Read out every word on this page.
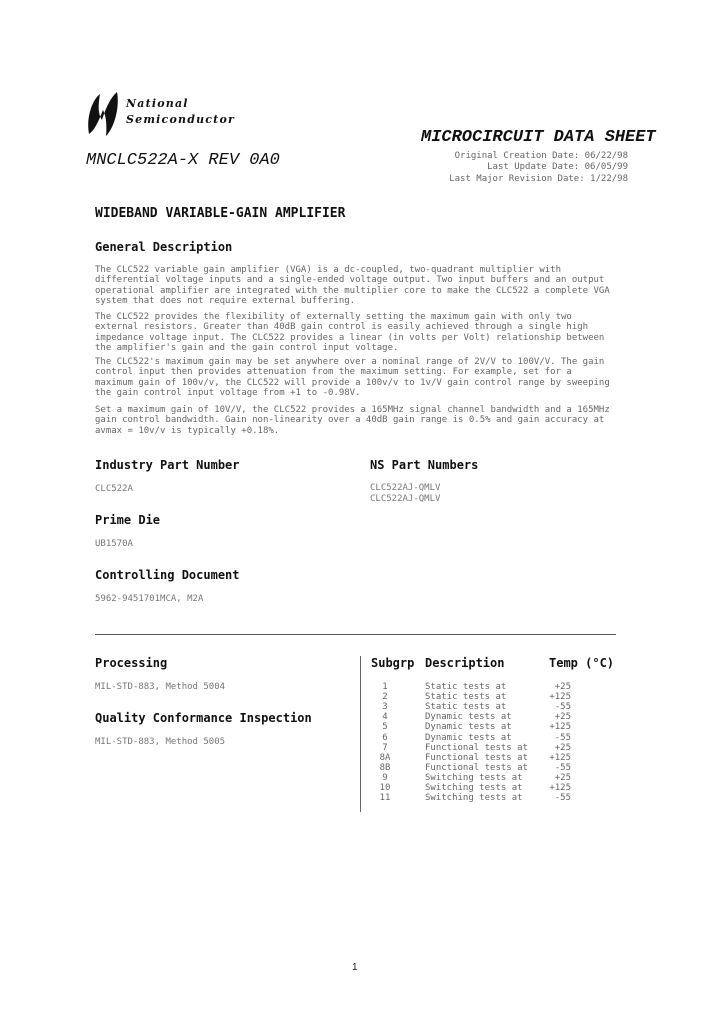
National
Semiconductor
MICROCIRCUIT DATA SHEET
MNCLC522A-X REV 0A0	Original Creation Date: 06/22/98
Last Update Date: 06/05/99
Last Major Revision Date: 1/22/98
WIDEBAND VARIABLE-GAIN AMPLIFIER
General Description

The CLC522 variable gain amplifier (VGA) is a dc-coupled, two-quadrant multiplier with differential voltage inputs and a single-ended voltage output. Two input buffers and an output operational amplifier are integrated with the multiplier core to make the CLC522 a complete VGA system that does not require external buffering.

The CLC522 provides the flexibility of externally setting the maximum gain with only two external resistors. Greater than 40dB gain control is easily achieved through a single high impedance voltage input. The CLC522 provides a linear (in volts per Volt) relationship between the amplifier's gain and the gain control input voltage.

The CLC522's maximum gain may be set anywhere over a nominal range of 2V/V to 100V/V. The gain control input then provides attenuation from the maximum setting. For example, set for a maximum gain of 100v/v, the CLC522 will provide a 100v/v to 1v/V gain control range by sweeping the gain control input voltage from +1 to -0.98V.

Set a maximum gain of 10V/V, the CLC522 provides a 165MHz signal channel bandwidth and a 165MHz gain control bandwidth. Gain non-linearity over a 40dB gain range is 0.5% and gain accuracy at avmax = 10v/v is typically +0.18%.

Industry Part Number
CLC522A
NS Part Numbers
CLC522AJ-QMLV
CLC522AJ-QMLV
Prime Die
UB1570A
Controlling Document
5962-9451701MCA, M2A
Processing
MIL-STD-883, Method 5004
Quality Conformance Inspection
MIL-STD-883, Method 5005
Subgrp Description	Temp (°C)
1	Static tests at	+25
2	Static tests at	+125
3	Static tests at	-55
4	Dynamic tests at	+25
5	Dynamic tests at	+125
6	Dynamic tests at	-55
7	Functional tests at	+25
8A	Functional tests at	+125
8B	Functional tests at	-55
9	Switching tests at	+25
10	Switching tests at	+125
11	Switching tests at	-55
1
